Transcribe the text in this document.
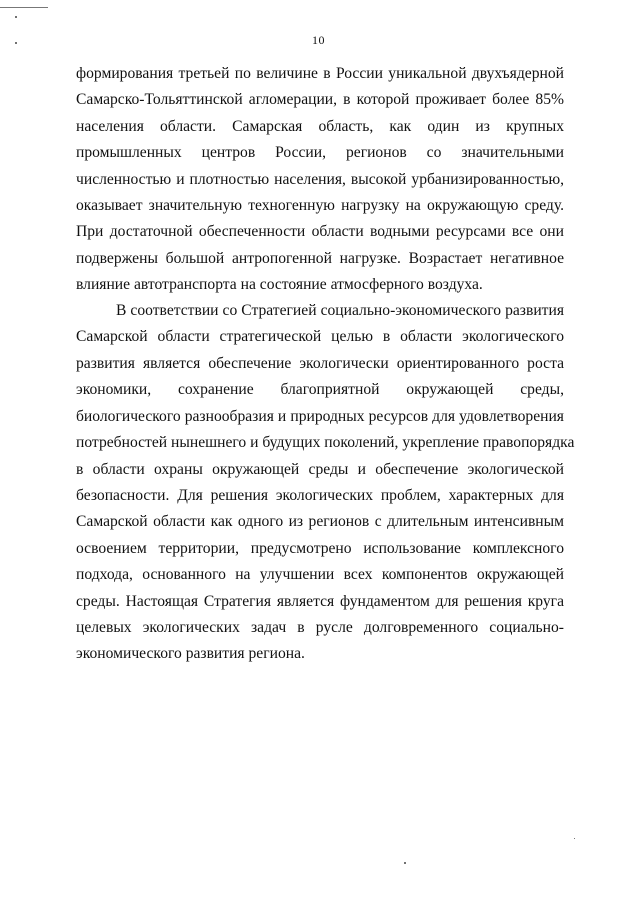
10
формирования третьей по величине в России уникальной двухъядерной
Самарско-Тольяттинской агломерации, в которой проживает более 85%
населения области. Самарская область, как один из крупных
промышленных центров России, регионов со значительными
численностью и плотностью населения, высокой урбанизированностью,
оказывает значительную техногенную нагрузку на окружающую среду.
При достаточной обеспеченности области водными ресурсами все они
подвержены большой антропогенной нагрузке. Возрастает негативное
влияние автотранспорта на состояние атмосферного воздуха.
В соответствии со Стратегией социально-экономического развития
Самарской области стратегической целью в области экологического
развития является обеспечение экологически ориентированного роста
экономики, сохранение благоприятной окружающей среды,
биологического разнообразия и природных ресурсов для удовлетворения
потребностей нынешнего и будущих поколений, укрепление правопорядка
в области охраны окружающей среды и обеспечение экологической
безопасности. Для решения экологических проблем, характерных для
Самарской области как одного из регионов с длительным интенсивным
освоением территории, предусмотрено использование комплексного
подхода, основанного на улучшении всех компонентов окружающей
среды. Настоящая Стратегия является фундаментом для решения круга
целевых экологических задач в русле долговременного социально-
экономического развития региона.
